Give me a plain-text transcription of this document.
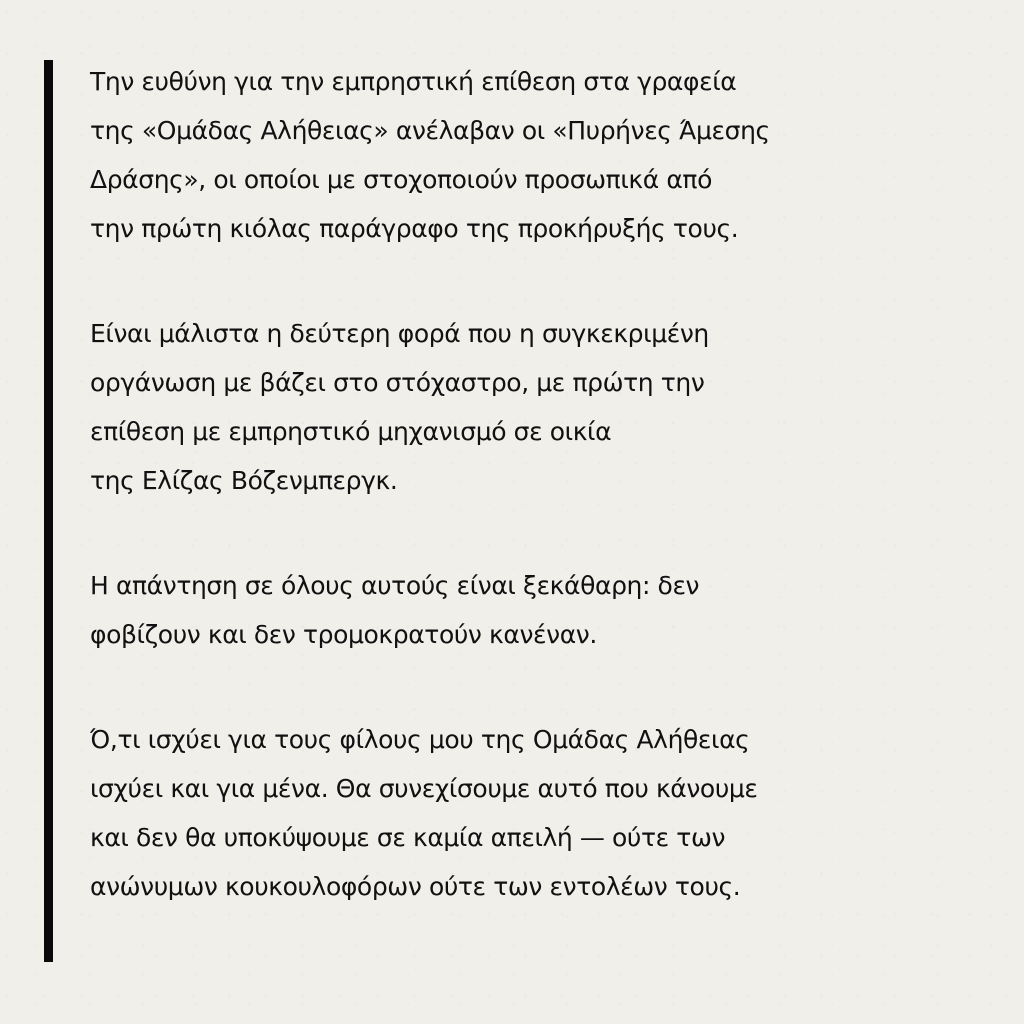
Την ευθύνη για την εμπρηστική επίθεση στα γραφεία
της «Ομάδας Αλήθειας» ανέλαβαν οι «Πυρήνες Άμεσης
Δράσης», οι οποίοι με στοχοποιούν προσωπικά από
την πρώτη κιόλας παράγραφο της προκήρυξής τους.

Είναι μάλιστα η δεύτερη φορά που η συγκεκριμένη
οργάνωση με βάζει στο στόχαστρο, με πρώτη την
επίθεση με εμπρηστικό μηχανισμό σε οικία
της Ελίζας Βόζενμπεργκ.

Η απάντηση σε όλους αυτούς είναι ξεκάθαρη: δεν
φοβίζουν και δεν τρομοκρατούν κανέναν.

Ό,τι ισχύει για τους φίλους μου της Ομάδας Αλήθειας
ισχύει και για μένα. Θα συνεχίσουμε αυτό που κάνουμε
και δεν θα υποκύψουμε σε καμία απειλή — ούτε των
ανώνυμων κουκουλοφόρων ούτε των εντολέων τους.
